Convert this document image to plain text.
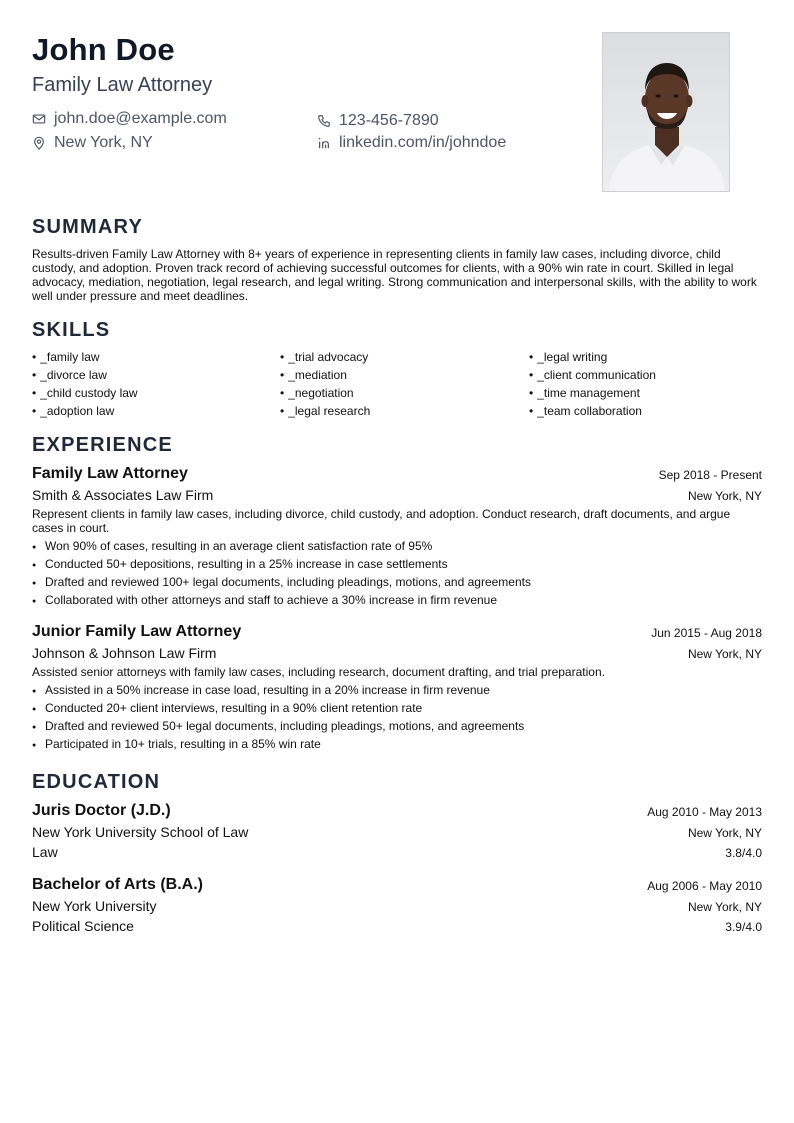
John Doe
Family Law Attorney
john.doe@example.com	123-456-7890
New York, NY	linkedin.com/in/johndoe
SUMMARY
Results-driven Family Law Attorney with 8+ years of experience in representing clients in family law cases, including divorce, child custody, and adoption. Proven track record of achieving successful outcomes for clients, with a 90% win rate in court. Skilled in legal advocacy, mediation, negotiation, legal research, and legal writing. Strong communication and interpersonal skills, with the ability to work well under pressure and meet deadlines.
SKILLS
• _family law	• _trial advocacy	• _legal writing
• _divorce law	• _mediation	• _client communication
• _child custody law	• _negotiation	• _time management
• _adoption law	• _legal research	• _team collaboration
EXPERIENCE
Family Law Attorney	Sep 2018 - Present
Smith & Associates Law Firm	New York, NY
Represent clients in family law cases, including divorce, child custody, and adoption. Conduct research, draft documents, and argue cases in court.
● Won 90% of cases, resulting in an average client satisfaction rate of 95%
● Conducted 50+ depositions, resulting in a 25% increase in case settlements
● Drafted and reviewed 100+ legal documents, including pleadings, motions, and agreements
● Collaborated with other attorneys and staff to achieve a 30% increase in firm revenue
Junior Family Law Attorney	Jun 2015 - Aug 2018
Johnson & Johnson Law Firm	New York, NY
Assisted senior attorneys with family law cases, including research, document drafting, and trial preparation.
● Assisted in a 50% increase in case load, resulting in a 20% increase in firm revenue
● Conducted 20+ client interviews, resulting in a 90% client retention rate
● Drafted and reviewed 50+ legal documents, including pleadings, motions, and agreements
● Participated in 10+ trials, resulting in a 85% win rate
EDUCATION
Juris Doctor (J.D.)	Aug 2010 - May 2013
New York University School of Law	New York, NY
Law	3.8/4.0
Bachelor of Arts (B.A.)	Aug 2006 - May 2010
New York University	New York, NY
Political Science	3.9/4.0
